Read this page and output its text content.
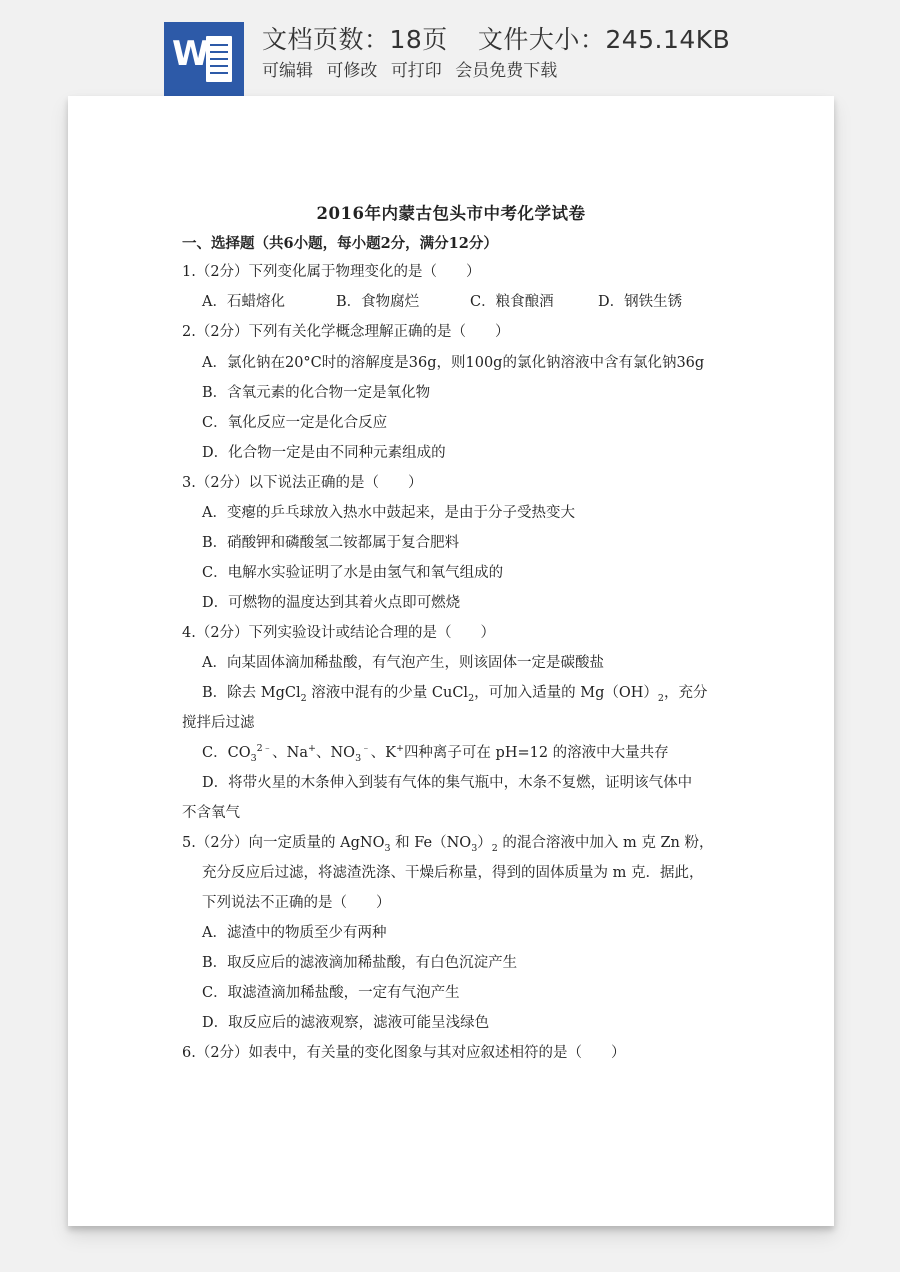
W 文档页数：18页 文件大小：245.14KB
可编辑 可修改 可打印 会员免费下载
2016年内蒙古包头市中考化学试卷
一、选择题（共6小题，每小题2分，满分12分）
1.（2分）下列变化属于物理变化的是（　　）
A．石蜡熔化	B．食物腐烂	C．粮食酿酒	D．钢铁生锈
2.（2分）下列有关化学概念理解正确的是（　　）
A．氯化钠在20°C时的溶解度是36g，则100g的氯化钠溶液中含有氯化钠36g
B．含氧元素的化合物一定是氧化物
C．氧化反应一定是化合反应
D．化合物一定是由不同种元素组成的
3.（2分）以下说法正确的是（　　）
A．变瘪的乒乓球放入热水中鼓起来，是由于分子受热变大
B．硝酸钾和磷酸氢二铵都属于复合肥料
C．电解水实验证明了水是由氢气和氧气组成的
D．可燃物的温度达到其着火点即可燃烧
4.（2分）下列实验设计或结论合理的是（　　）
A．向某固体滴加稀盐酸，有气泡产生，则该固体一定是碳酸盐
B．除去 MgCl$_2$ 溶液中混有的少量 CuCl$_2$，可加入适量的 $Mg(OH)_2$，充分
搅拌后过滤
C．$CO_3^{2﹣}$、Na+、$NO_3^﹣$、K+四种离子可在 pH=12 的溶液中大量共存
D．将带火星的木条伸入到装有气体的集气瓶中，木条不复燃，证明该气体中
不含氧气
5.（2分）向一定质量的 AgNO$_3$ 和 $Fe(NO_3)_2$ 的混合溶液中加入 m 克 Zn 粉，
充分反应后过滤，将滤渣洗涤、干燥后称量，得到的固体质量为 m 克．据此，
下列说法不正确的是（　　）
A．滤渣中的物质至少有两种
B．取反应后的滤液滴加稀盐酸，有白色沉淀产生
C．取滤渣滴加稀盐酸，一定有气泡产生
D．取反应后的滤液观察，滤液可能呈浅绿色
6.（2分）如表中，有关量的变化图象与其对应叙述相符的是（　　）
